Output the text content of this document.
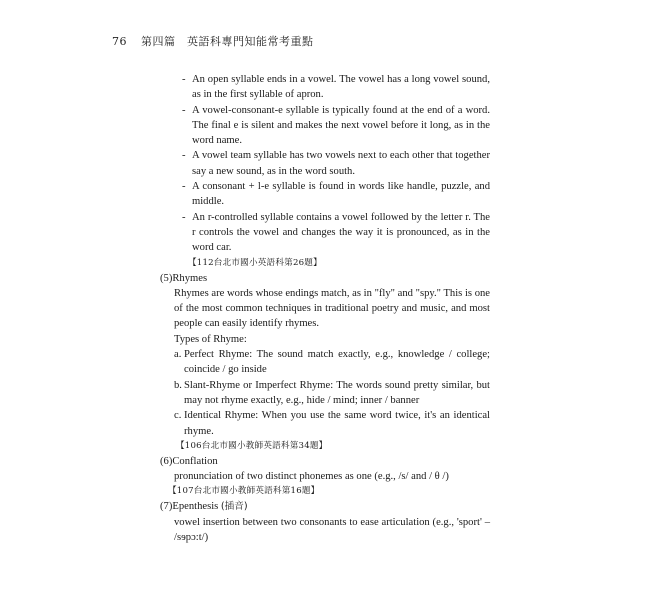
76 第四篇　英語科專門知能常考重點
- An open syllable ends in a vowel. The vowel has a long vowel sound, as in the first syllable of apron.
- A vowel-consonant-e syllable is typically found at the end of a word. The final e is silent and makes the next vowel before it long, as in the word name.
- A vowel team syllable has two vowels next to each other that together say a new sound, as in the word south.
- A consonant + l-e syllable is found in words like handle, puzzle, and middle.
- An r-controlled syllable contains a vowel followed by the letter r. The r controls the vowel and changes the way it is pronounced, as in the word car.
【112台北市國小英語科第26題】
(5)Rhymes
Rhymes are words whose endings match, as in "fly" and "spy." This is one of the most common techniques in traditional poetry and music, and most people can easily identify rhymes.
Types of Rhyme:
a. Perfect Rhyme: The sound match exactly, e.g., knowledge / college; coincide / go inside
b. Slant-Rhyme or Imperfect Rhyme: The words sound pretty similar, but may not rhyme exactly, e.g., hide / mind; inner / banner
c. Identical Rhyme: When you use the same word twice, it's an identical rhyme.
【106台北市國小教師英語科第34題】
(6)Conflation
pronunciation of two distinct phonemes as one (e.g., /s/ and / θ /)
【107台北市國小教師英語科第16題】
(7)Epenthesis (插音)
vowel insertion between two consonants to ease articulation (e.g., 'sport' – /sɘpɔ:t/)
